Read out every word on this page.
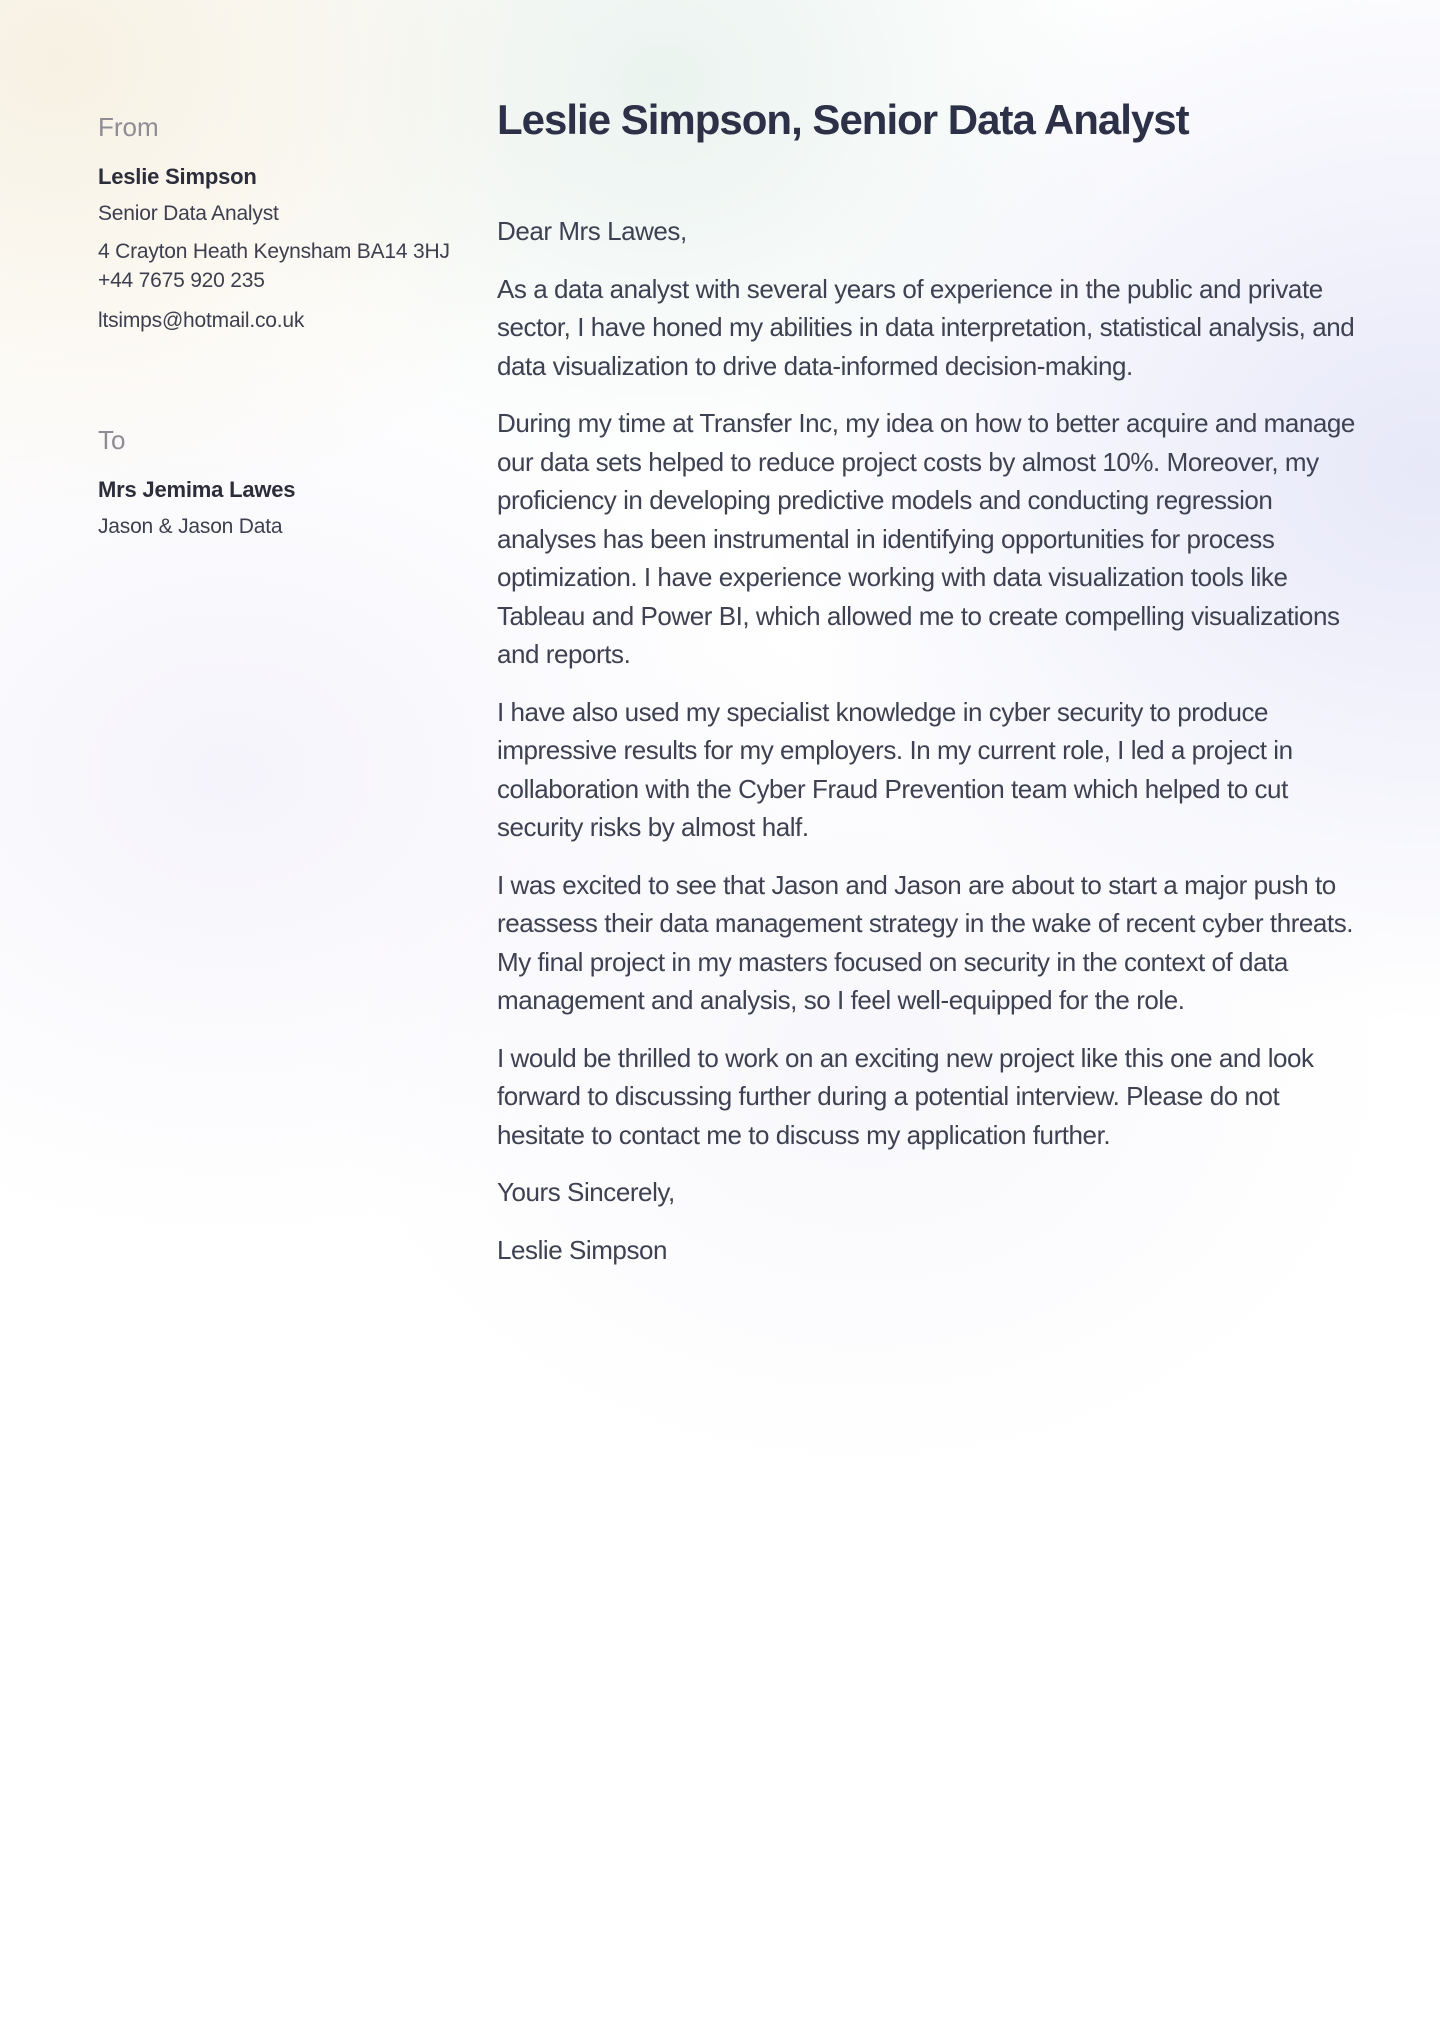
From

Leslie Simpson

Senior Data Analyst

4 Crayton Heath Keynsham BA14 3HJ

+44 7675 920 235

ltsimps@hotmail.co.uk

To

Mrs Jemima Lawes

Jason & Jason Data

Leslie Simpson, Senior Data Analyst

Dear Mrs Lawes,

As a data analyst with several years of experience in the public and private sector, I have honed my abilities in data interpretation, statistical analysis, and data visualization to drive data-informed decision-making.

During my time at Transfer Inc, my idea on how to better acquire and manage our data sets helped to reduce project costs by almost 10%. Moreover, my proficiency in developing predictive models and conducting regression analyses has been instrumental in identifying opportunities for process optimization. I have experience working with data visualization tools like Tableau and Power BI, which allowed me to create compelling visualizations and reports.

I have also used my specialist knowledge in cyber security to produce impressive results for my employers. In my current role, I led a project in collaboration with the Cyber Fraud Prevention team which helped to cut security risks by almost half.

I was excited to see that Jason and Jason are about to start a major push to reassess their data management strategy in the wake of recent cyber threats. My final project in my masters focused on security in the context of data management and analysis, so I feel well-equipped for the role.

I would be thrilled to work on an exciting new project like this one and look forward to discussing further during a potential interview. Please do not hesitate to contact me to discuss my application further.

Yours Sincerely,

Leslie Simpson
